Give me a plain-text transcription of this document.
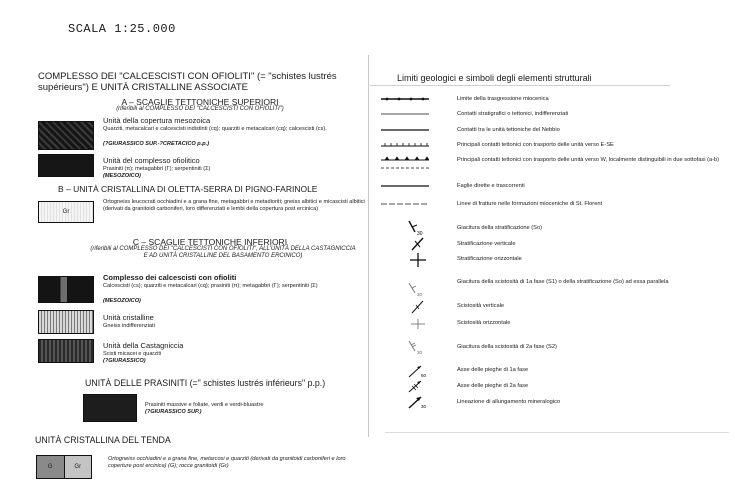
SCALA 1:25.000
COMPLESSO DEI "CALCESCISTI CON OFIOLITI" (= "schistes lustrés supérieurs") E UNITÀ CRISTALLINE ASSOCIATE
A – SCAGLIE TETTONICHE SUPERIORI
(riferibili al COMPLESSO DEI "CALCESCISTI CON OFIOLITI")
Unità della copertura mesozoica
Quarziti, metacalcari e calcescisti indistinti (cq); quarziti e metacalcari (cq); calcescisti (cs).
(?GIURASSICO SUP.-?CRETACICO p.p.)
Unità del complesso ofiolitico
Prasiniti (π); metagabbri (Γ); serpentiniti (Σ)
(MESOZOICO)
B – UNITÀ CRISTALLINA DI OLETTA-SERRA DI PIGNO-FARINOLE
Gr
Ortogneiss leucocrati occhiadini e a grana fine, metagabbri e metadioriti; gneiss albitici e micascisti albitici (derivati da granitoidi carboniferi, loro differenziati e lembi della copertura post ercinica)
C – SCAGLIE TETTONICHE INFERIORI
(riferibili al COMPLESSO DEI "CALCESCISTI CON OFIOLITI", ALL'UNITÀ DELLA CASTAGNICCIA E AD UNITÀ CRISTALLINE DEL BASAMENTO ERCINICO)
Complesso dei calcescisti con ofioliti
Calcescisti (cs); quarziti e metacalcari (cq); prasiniti (π); metagabbri (Γ); serpentiniti (Σ)
(MESOZOICO)
Unità cristalline
Gneiss indifferenziati
Unità della Castagniccia
Scisti micacei e quarziti
(?GIURASSICO)
UNITÀ DELLE PRASINITI (=" schistes lustrés inférieurs" p.p.)
Prasiniti massive e foliate, verdi e verdi-bluastre
(?GIURASSICO SUP.)
UNITÀ CRISTALLINA DEL TENDA
G	Gr
Ortogneiss occhiadini e a grana fine, metarcosi e quarziti (derivati da granitoidi carboniferi e loro coperture post ercinica) (G); rocce granitoidi (Gr)
Limiti geologici e simboli degli elementi strutturali
Limite della trasgressione miocenica
Contatti stratigrafici o tettonici, indifferenziati
Contatti tra le unità tettoniche del Nebbio
Principali contatti tettonici con trasporto delle unità verso E-SE
Principali contatti tettonici con trasporto delle unità verso W, localmente distinguibili in due sottofasi (a-b)
Faglie dirette e trascorrenti
Linee di fratture nelle formazioni mioceniche di St. Florent
30
Giacitura della stratificazione (So)
Stratificazione verticale
Stratificazione orizzontale
30
Giacitura della scistosità di 1a fase (S1) o della stratificazione (So) ad essa parallela
Scistosità verticale
Scistosità orizzontale
30
Giacitura della scistosità di 2a fase (S2)
60
Asse delle pieghe di 1a fase
Asse delle pieghe di 2a fase
30
Lineazione di allungamento mineralogico
